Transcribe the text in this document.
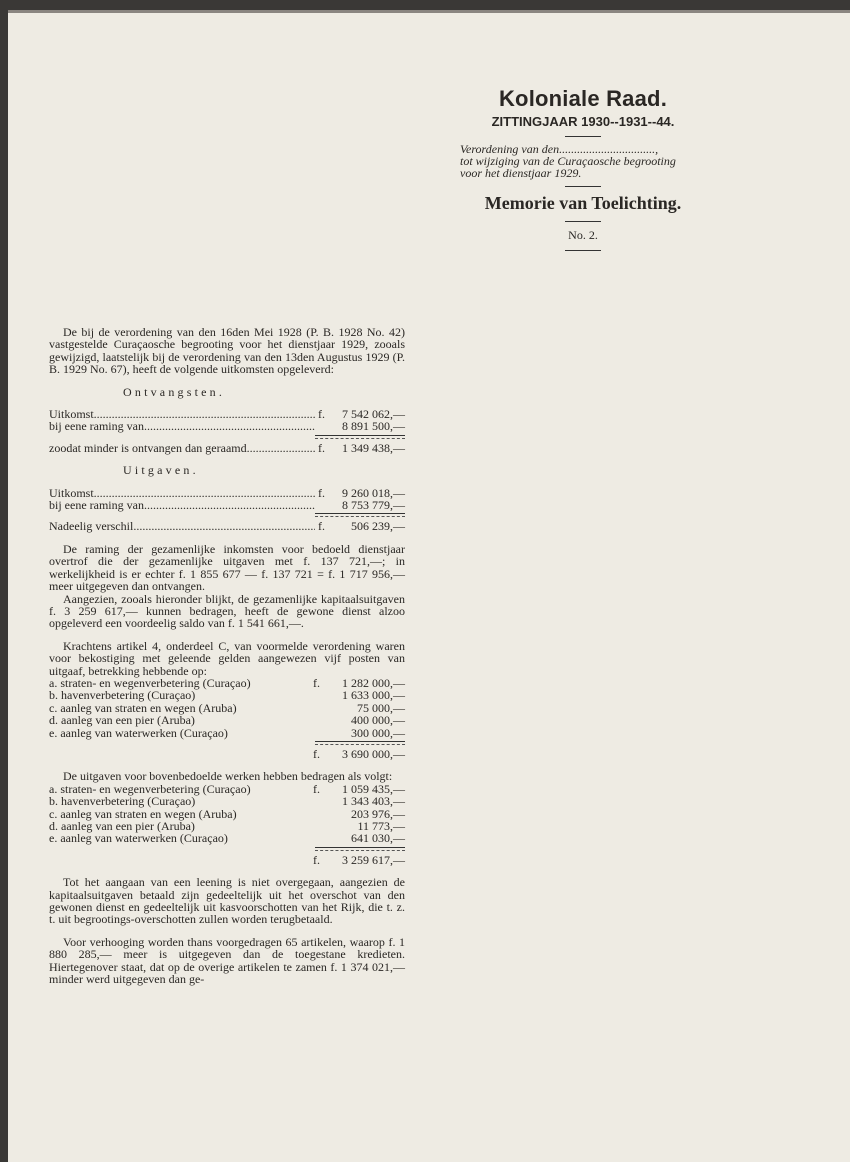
Koloniale Raad.
ZITTINGJAAR 1930--1931--44.
Verordening van den................................,
tot wijziging van de Curaçaosche begrooting
voor het dienstjaar 1929.
Memorie van Toelichting.
No. 2.

De bij de verordening van den 16den Mei 1928 (P. B. 1928 No. 42) vastgestelde Curaçaosche begrooting voor het dienstjaar 1929, zooals gewijzigd, laatstelijk bij de verordening van den 13den Augustus 1929 (P. B. 1929 No. 67), heeft de volgende uitkomsten opgeleverd:

Ontvangsten.
Uitkomst .....	f.	7 542 062,—
bij eene raming van .....	8 891 500,—
zoodat minder is ontvangen dan geraamd .....	f.	1 349 438,—
Uitgaven.
Uitkomst .....	f.	9 260 018,—
bij eene raming van .....	8 753 779,—
Nadeelig verschil .....	f.	506 239,—

De raming der gezamenlijke inkomsten voor bedoeld dienstjaar overtrof die der gezamenlijke uitgaven met f. 137 721,—; in werkelijkheid is er echter f. 1 855 677 — f. 137 721 = f. 1 717 956,— meer uitgegeven dan ontvangen.

Aangezien, zooals hieronder blijkt, de gezamenlijke kapitaalsuitgaven f. 3 259 617,— kunnen bedragen, heeft de gewone dienst alzoo opgeleverd een voordeelig saldo van f. 1 541 661,—.

Krachtens artikel 4, onderdeel C, van voormelde verordening waren voor bekostiging met geleende gelden aangewezen vijf posten van uitgaaf, betrekking hebbende op:

a. straten- en wegenverbetering (Curaçao)	f.	1 282 000,—
b. havenverbetering (Curaçao)	1 633 000,—
c. aanleg van straten en wegen (Aruba)	75 000,—
d. aanleg van een pier (Aruba)	400 000,—
e. aanleg van waterwerken (Curaçao)	300 000,—
f.	3 690 000,—

De uitgaven voor bovenbedoelde werken hebben bedragen als volgt:

a. straten- en wegenverbetering (Curaçao)	f.	1 059 435,—
b. havenverbetering (Curaçao)	1 343 403,—
c. aanleg van straten en wegen (Aruba)	203 976,—
d. aanleg van een pier (Aruba)	11 773,—
e. aanleg van waterwerken (Curaçao)	641 030,—
f.	3 259 617,—

Tot het aangaan van een leening is niet overgegaan, aangezien de kapitaalsuitgaven betaald zijn gedeeltelijk uit het overschot van den gewonen dienst en gedeeltelijk uit kasvoorschotten van het Rijk, die t. z. t. uit begrootings-overschotten zullen worden terugbetaald.

Voor verhooging worden thans voorgedragen 65 artikelen, waarop f. 1 880 285,— meer is uitgegeven dan de toegestane kredieten. Hiertegenover staat, dat op de overige artikelen te zamen f. 1 374 021,— minder werd uitgegeven dan ge-
